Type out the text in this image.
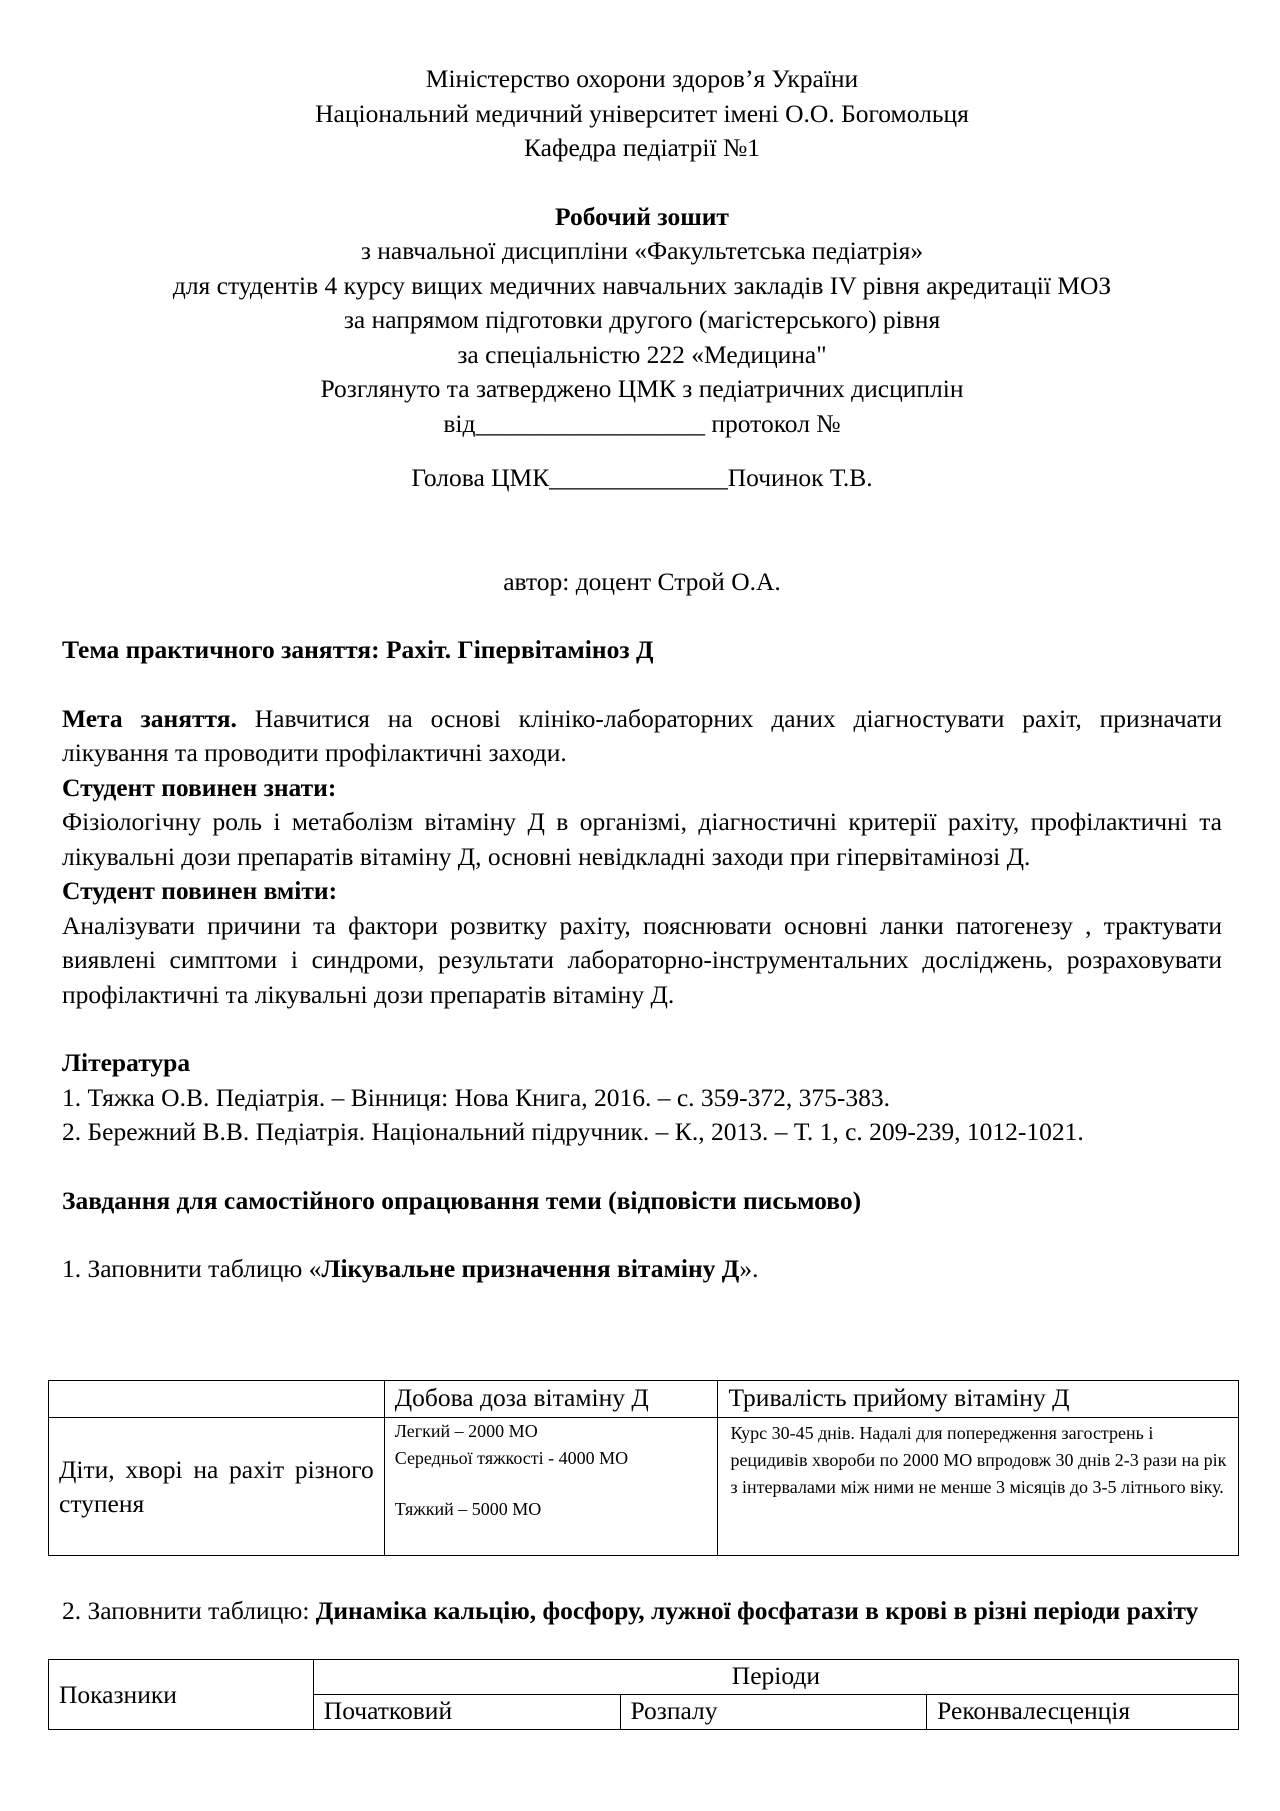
Міністерство охорони здоров’я України

Національний медичний університет імені О.О. Богомольця

Кафедра педіатрії №1

Робочий зошит

з навчальної дисципліни «Факультетська педіатрія»

для студентів 4 курсу вищих медичних навчальних закладів ІV рівня акредитації МОЗ

за напрямом підготовки другого (магістерського) рівня

за спеціальністю 222 «Медицина"

Розглянуто та затверджено ЦМК з педіатричних дисциплін

від__________________ протокол №

Голова ЦМК______________Починок Т.В.

автор: доцент Строй О.А.

Тема практичного заняття: Рахіт. Гіпервітаміноз Д

Мета заняття. Навчитися на основі клініко-лабораторних даних діагностувати рахіт, призначати лікування та проводити профілактичні заходи.

Студент повинен знати:

Фізіологічну роль і метаболізм вітаміну Д в організмі, діагностичні критерії рахіту, профілактичні та лікувальні дози препаратів вітаміну Д, основні невідкладні заходи при гіпервітамінозі Д.

Студент повинен вміти:

Аналізувати причини та фактори розвитку рахіту, пояснювати основні ланки патогенезу , трактувати виявлені симптоми і синдроми, результати лабораторно-інструментальних досліджень, розраховувати профілактичні та лікувальні дози препаратів вітаміну Д.

Література

1. Тяжка О.В. Педіатрія. – Вінниця: Нова Книга, 2016. – с. 359-372, 375-383.

2. Бережний В.В. Педіатрія. Національний підручник. – К., 2013. – Т. 1, с. 209-239, 1012-1021.

Завдання для самостійного опрацювання теми (відповісти письмово)

1. Заповнити таблицю «Лікувальне призначення вітаміну Д».

	Добова доза вітаміну Д	Тривалість прийому вітаміну Д
Діти, хворі на рахіт різного ступеня	Легкий – 2000 МО
Середньої тяжкості - 4000 МО
Тяжкий – 5000 МО	Курс 30-45 днів. Надалі для попередження загострень і рецидивів хвороби по 2000 МО впродовж 30 днів 2-3 рази на рік з інтервалами між ними не менше 3 місяців до 3-5 літнього віку.

2. Заповнити таблицю: Динаміка кальцію, фосфору, лужної фосфатази в крові в різні періоди рахіту

Показники	Періоди		
	Початковий	Розпалу	Реконвалесценція
